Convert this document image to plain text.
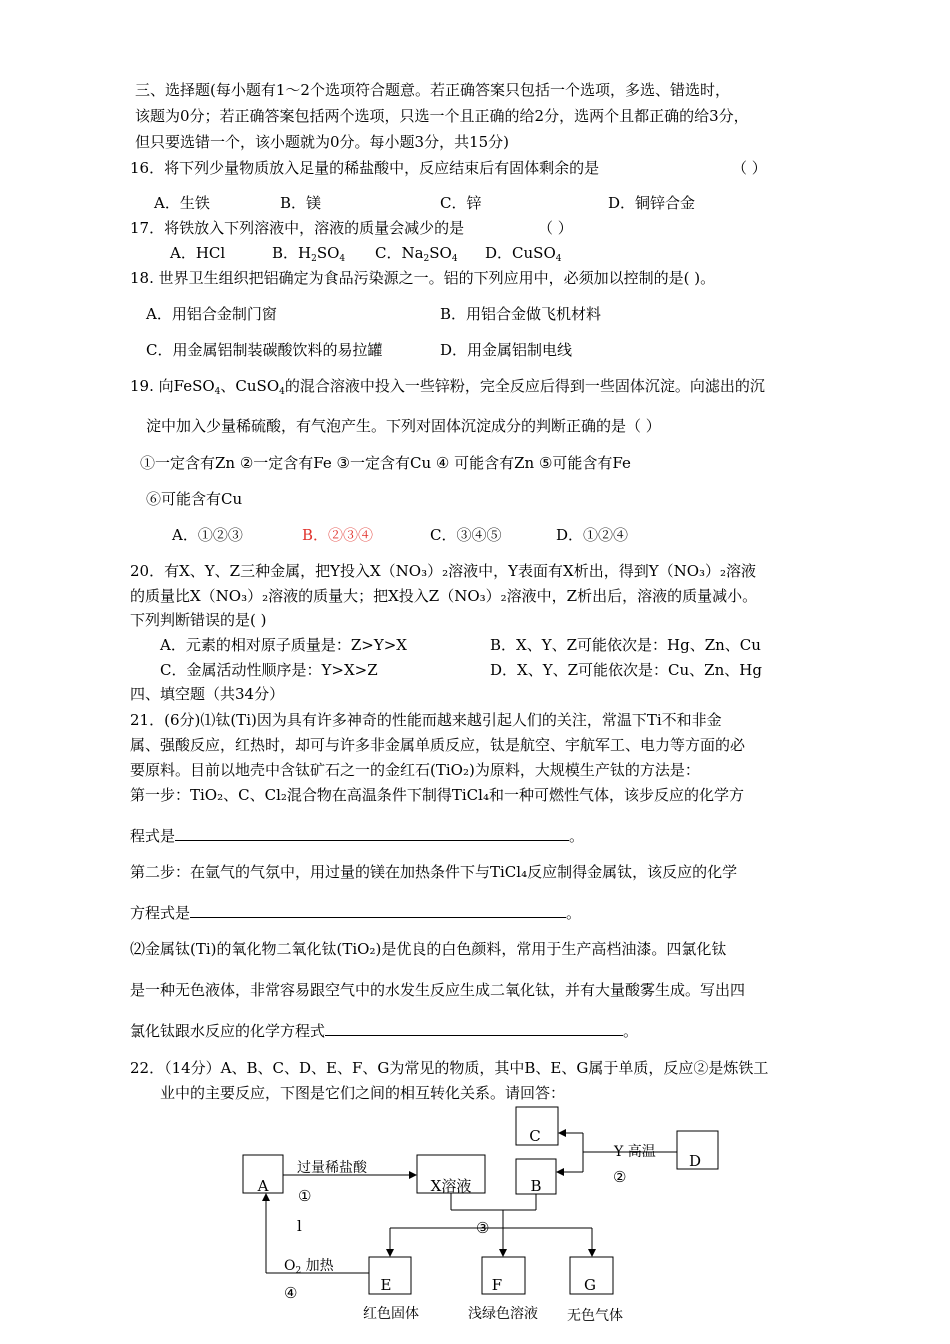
三、选择题(每小题有1～2个选项符合题意。若正确答案只包括一个选项，多选、错选时，
该题为0分；若正确答案包括两个选项，只选一个且正确的给2分，选两个且都正确的给3分，
但只要选错一个，该小题就为0分。每小题3分，共15分)
16．将下列少量物质放入足量的稀盐酸中，反应结束后有固体剩余的是	（ ）
A．生铁	B．镁	C．锌	D．铜锌合金
17．将铁放入下列溶液中，溶液的质量会减少的是	（ ）
A．HCl	B．$H_2SO_4$ C．$Na_2SO_4$ D．CuSO$_4$
18. 世界卫生组织把铝确定为食品污染源之一。铝的下列应用中，必须加以控制的是( )。
A．用铝合金制门窗	B．用铝合金做飞机材料
C．用金属铝制装碳酸饮料的易拉罐	D．用金属铝制电线
19. 向FeSO$_4$、CuSO$_4$的混合溶液中投入一些锌粉，完全反应后得到一些固体沉淀。向滤出的沉
淀中加入少量稀硫酸，有气泡产生。下列对固体沉淀成分的判断正确的是（ ）
①一定含有Zn ②一定含有Fe ③一定含有Cu ④ 可能含有Zn ⑤可能含有Fe
⑥可能含有Cu
A．①②③	B．②③④	C．③④⑤	D．①②④
20．有X、Y、Z三种金属，把Y投入X（NO₃）₂溶液中，Y表面有X析出，得到Y（NO₃）₂溶液
的质量比X（NO₃）₂溶液的质量大；把X投入Z（NO₃）₂溶液中，Z析出后，溶液的质量减小。
下列判断错误的是( )
A．元素的相对原子质量是：Z>Y>X	B．X、Y、Z可能依次是：Hg、Zn、Cu
C．金属活动性顺序是：Y>X>Z	D．X、Y、Z可能依次是：Cu、Zn、Hg
四、填空题（共34分）
21．(6分)⑴钛(Ti)因为具有许多神奇的性能而越来越引起人们的关注，常温下Ti不和非金
属、强酸反应，红热时，却可与许多非金属单质反应，钛是航空、宇航军工、电力等方面的必
要原料。目前以地壳中含钛矿石之一的金红石(TiO₂)为原料，大规模生产钛的方法是：
第一步：TiO₂、C、Cl₂混合物在高温条件下制得TiCl₄和一种可燃性气体，该步反应的化学方
程式是	。
第二步：在氩气的气氛中，用过量的镁在加热条件下与TiCl₄反应制得金属钛，该反应的化学
方程式是	。
⑵金属钛(Ti)的氧化物二氧化钛(TiO₂)是优良的白色颜料，常用于生产高档油漆。四氯化钛
是一种无色液体，非常容易跟空气中的水发生反应生成二氧化钛，并有大量酸雾生成。写出四
氯化钛跟水反应的化学方程式	。
22．（14分）A、B、C、D、E、F、G为常见的物质，其中B、E、G属于单质，反应②是炼铁工
业中的主要反应，下图是它们之间的相互转化关系。请回答：
A	X溶液	B
C
D
E	F	G
过量稀盐酸
①
l
Y 高温
②
③
$O_2$ 加热
④
红色固体	浅绿色溶液 无色气体
